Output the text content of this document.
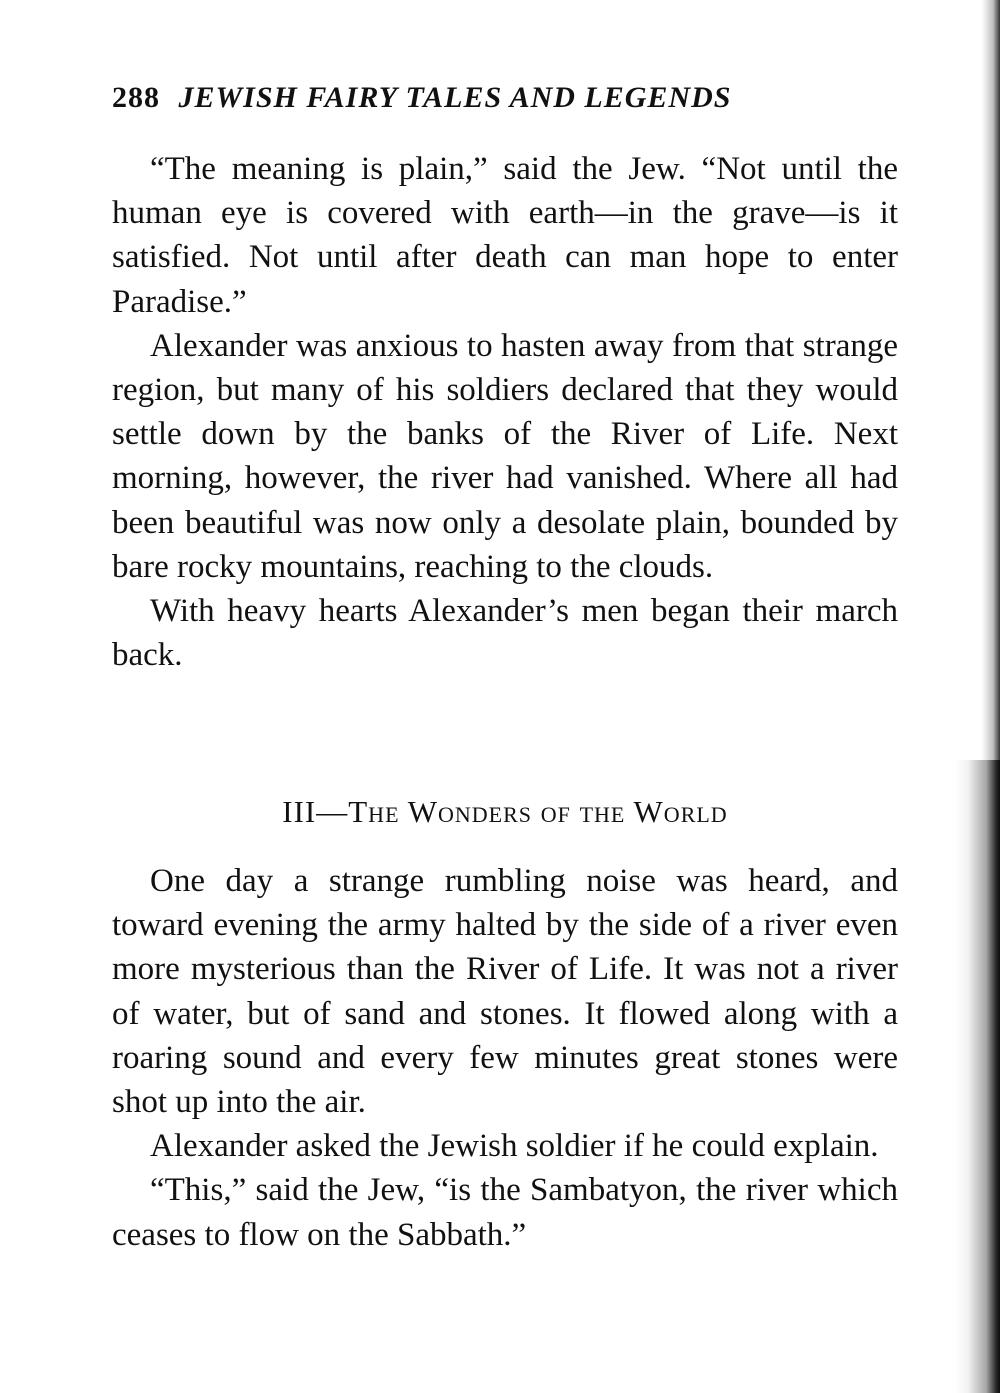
288 JEWISH FAIRY TALES AND LEGENDS

“The meaning is plain,” said the Jew. “Not until the human eye is covered with earth—in the grave—is it satisfied. Not until after death can man hope to enter Paradise.”

Alexander was anxious to hasten away from that strange region, but many of his soldiers declared that they would settle down by the banks of the River of Life. Next morning, however, the river had vanished. Where all had been beautiful was now only a desolate plain, bounded by bare rocky mountains, reaching to the clouds.

With heavy hearts Alexander’s men began their march back.

III—The Wonders of the World

One day a strange rumbling noise was heard, and toward evening the army halted by the side of a river even more mysterious than the River of Life. It was not a river of water, but of sand and stones. It flowed along with a roaring sound and every few minutes great stones were shot up into the air.

Alexander asked the Jewish soldier if he could explain.

“This,” said the Jew, “is the Sambatyon, the river which ceases to flow on the Sabbath.”
